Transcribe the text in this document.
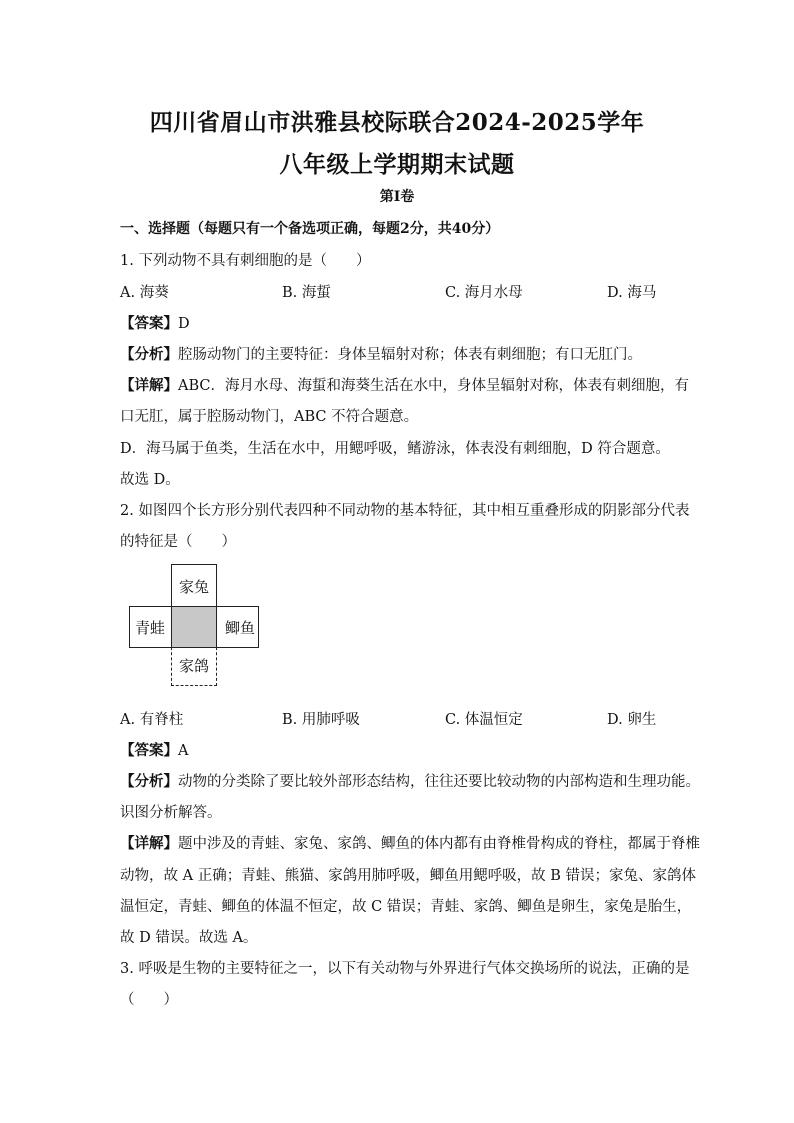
四川省眉山市洪雅县校际联合2024-2025学年
八年级上学期期末试题
第Ⅰ卷
一、选择题（每题只有一个备选项正确，每题2分，共40分）
1. 下列动物不具有刺细胞的是（　　）
A. 海葵	B. 海蜇	C. 海月水母	D. 海马
【答案】D
【分析】腔肠动物门的主要特征：身体呈辐射对称；体表有刺细胞；有口无肛门。
【详解】ABC．海月水母、海蜇和海葵生活在水中，身体呈辐射对称，体表有刺细胞，有
口无肛，属于腔肠动物门，ABC 不符合题意。
D．海马属于鱼类，生活在水中，用鳃呼吸，鳍游泳，体表没有刺细胞，D 符合题意。
故选 D。
2. 如图四个长方形分别代表四种不同动物的基本特征，其中相互重叠形成的阴影部分代表
的特征是（　　）
家兔
青蛙	鲫鱼
家鸽
A. 有脊柱	B. 用肺呼吸	C. 体温恒定	D. 卵生
【答案】A
【分析】动物的分类除了要比较外部形态结构，往往还要比较动物的内部构造和生理功能。
识图分析解答。
【详解】题中涉及的青蛙、家兔、家鸽、鲫鱼的体内都有由脊椎骨构成的脊柱，都属于脊椎
动物，故 A 正确；青蛙、熊猫、家鸽用肺呼吸，鲫鱼用鳃呼吸，故 B 错误；家兔、家鸽体
温恒定，青蛙、鲫鱼的体温不恒定，故 C 错误；青蛙、家鸽、鲫鱼是卵生，家兔是胎生，
故 D 错误。故选 A。
3. 呼吸是生物的主要特征之一，以下有关动物与外界进行气体交换场所的说法，正确的是
（　　）
